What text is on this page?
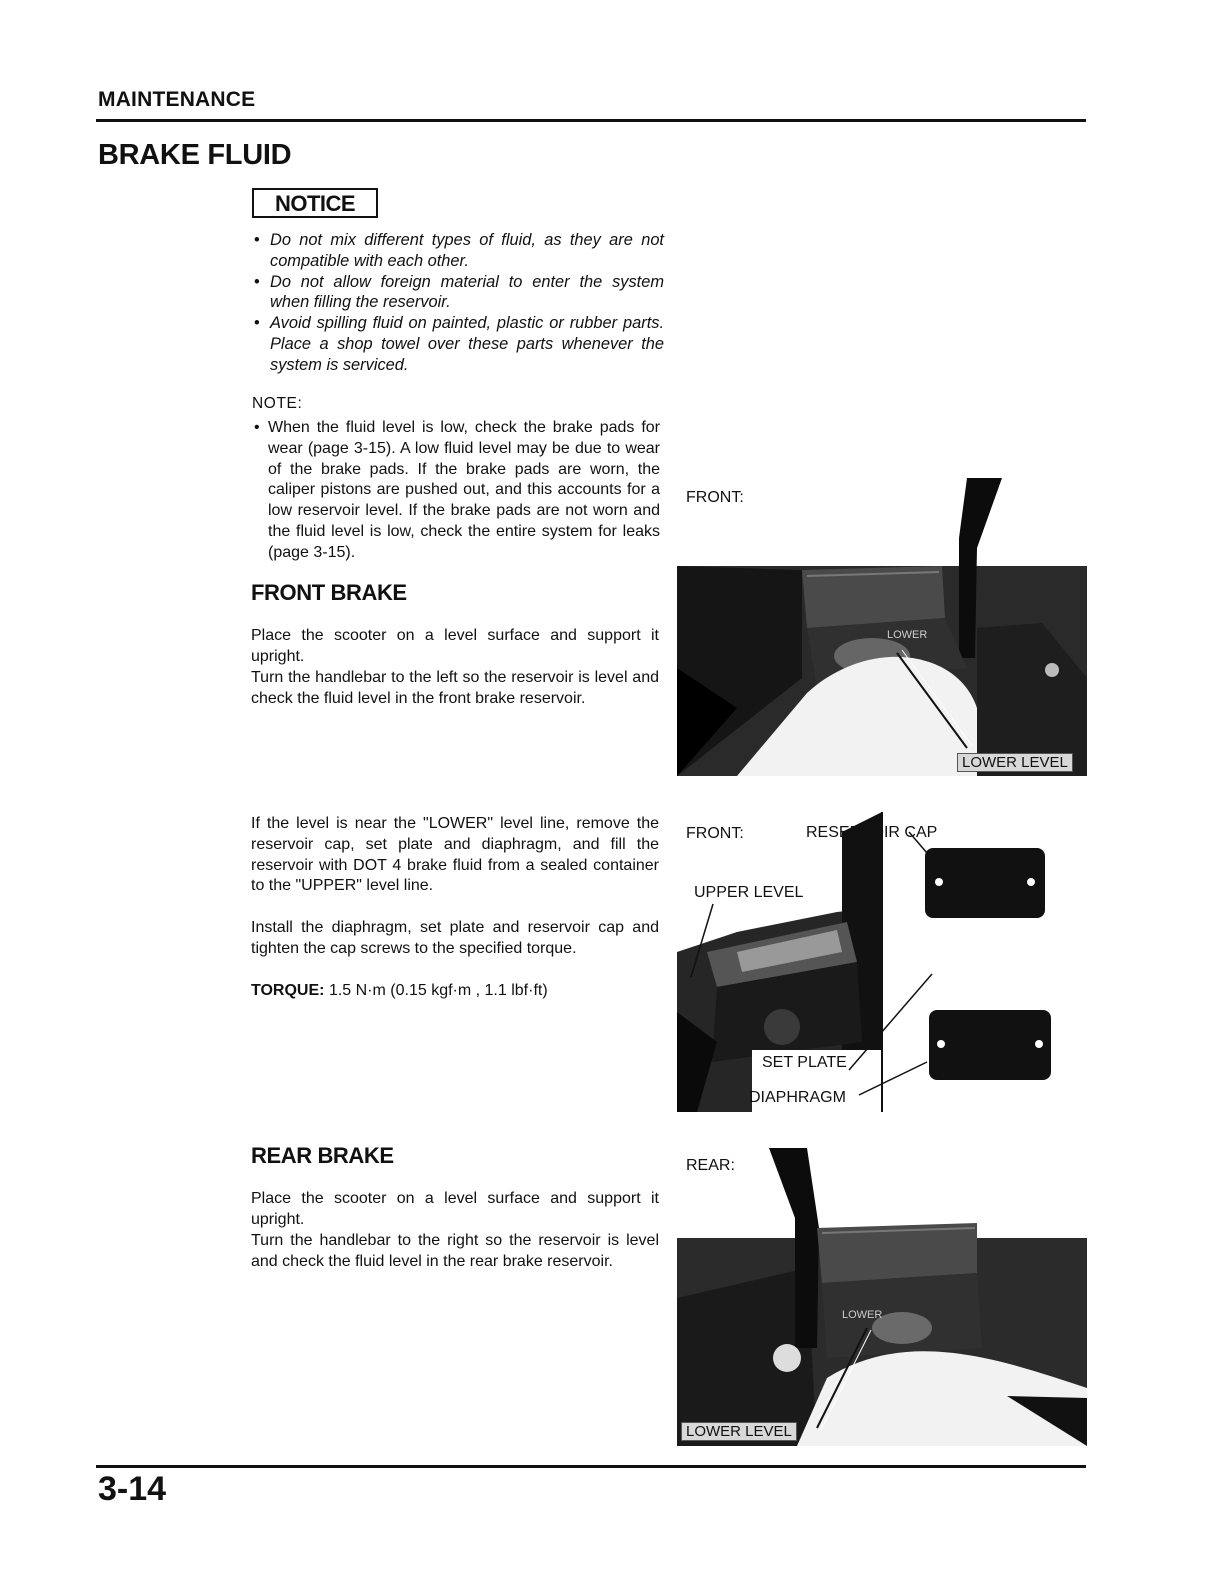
MAINTENANCE
BRAKE FLUID
NOTICE
• Do not mix different types of fluid, as they are not compatible with each other.
• Do not allow foreign material to enter the system when filling the reservoir.
• Avoid spilling fluid on painted, plastic or rubber parts. Place a shop towel over these parts whenever the system is serviced.
NOTE:
• When the fluid level is low, check the brake pads for wear (page 3-15). A low fluid level may be due to wear of the brake pads. If the brake pads are worn, the caliper pistons are pushed out, and this accounts for a low reservoir level. If the brake pads are not worn and the fluid level is low, check the entire system for leaks (page 3-15).
FRONT BRAKE
Place the scooter on a level surface and support it upright.
Turn the handlebar to the left so the reservoir is level and check the fluid level in the front brake reservoir.
If the level is near the "LOWER" level line, remove the reservoir cap, set plate and diaphragm, and fill the reservoir with DOT 4 brake fluid from a sealed container to the "UPPER" level line.
Install the diaphragm, set plate and reservoir cap and tighten the cap screws to the specified torque.
TORQUE: 1.5 N·m (0.15 kgf·m , 1.1 lbf·ft)
REAR BRAKE
Place the scooter on a level surface and support it upright.
Turn the handlebar to the right so the reservoir is level and check the fluid level in the rear brake reservoir.
FRONT:
LOWER
LOWER LEVEL
FRONT:	RESERVOIR CAP
UPPER LEVEL
SET PLATE
DIAPHRAGM
REAR:
LOWER
LOWER LEVEL
3-14
